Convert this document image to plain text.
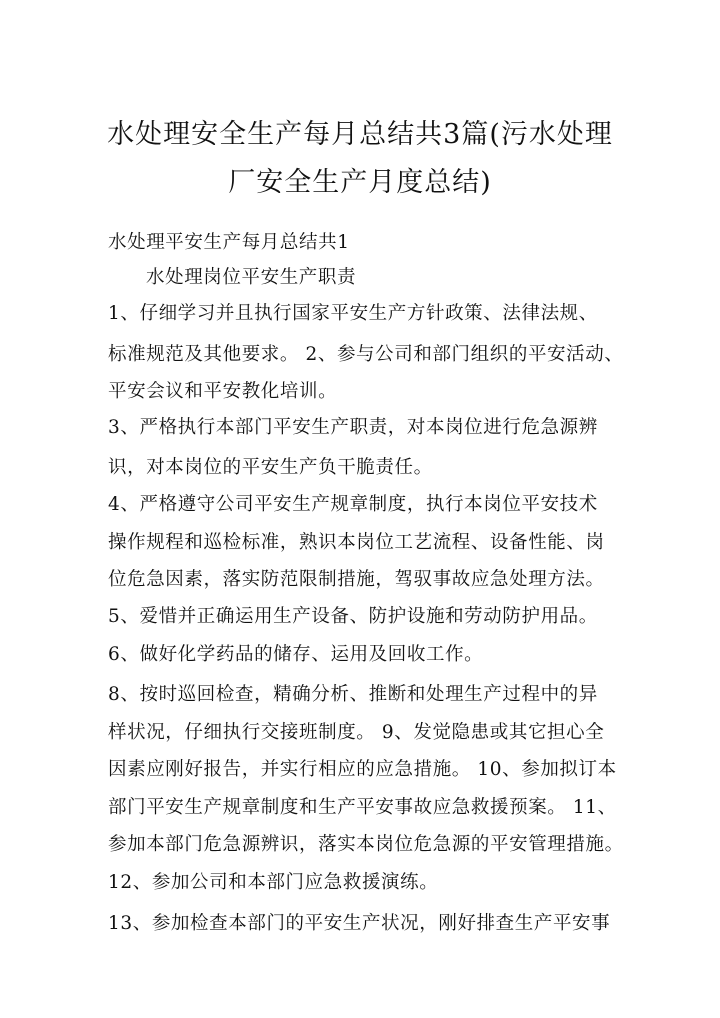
水处理安全生产每月总结共3篇(污水处理
厂安全生产月度总结)
水处理平安生产每月总结共1
水处理岗位平安生产职责
1、仔细学习并且执行国家平安生产方针政策、法律法规、
标准规范及其他要求。 2、参与公司和部门组织的平安活动、
平安会议和平安教化培训。
3、严格执行本部门平安生产职责，对本岗位进行危急源辨
识，对本岗位的平安生产负干脆责任。
4、严格遵守公司平安生产规章制度，执行本岗位平安技术
操作规程和巡检标准，熟识本岗位工艺流程、设备性能、岗
位危急因素，落实防范限制措施，驾驭事故应急处理方法。
5、爱惜并正确运用生产设备、防护设施和劳动防护用品。
6、做好化学药品的储存、运用及回收工作。
8、按时巡回检查，精确分析、推断和处理生产过程中的异
样状况，仔细执行交接班制度。 9、发觉隐患或其它担心全
因素应刚好报告，并实行相应的应急措施。 10、参加拟订本
部门平安生产规章制度和生产平安事故应急救援预案。 11、
参加本部门危急源辨识，落实本岗位危急源的平安管理措施。
12、参加公司和本部门应急救援演练。
13、参加检查本部门的平安生产状况，刚好排查生产平安事
